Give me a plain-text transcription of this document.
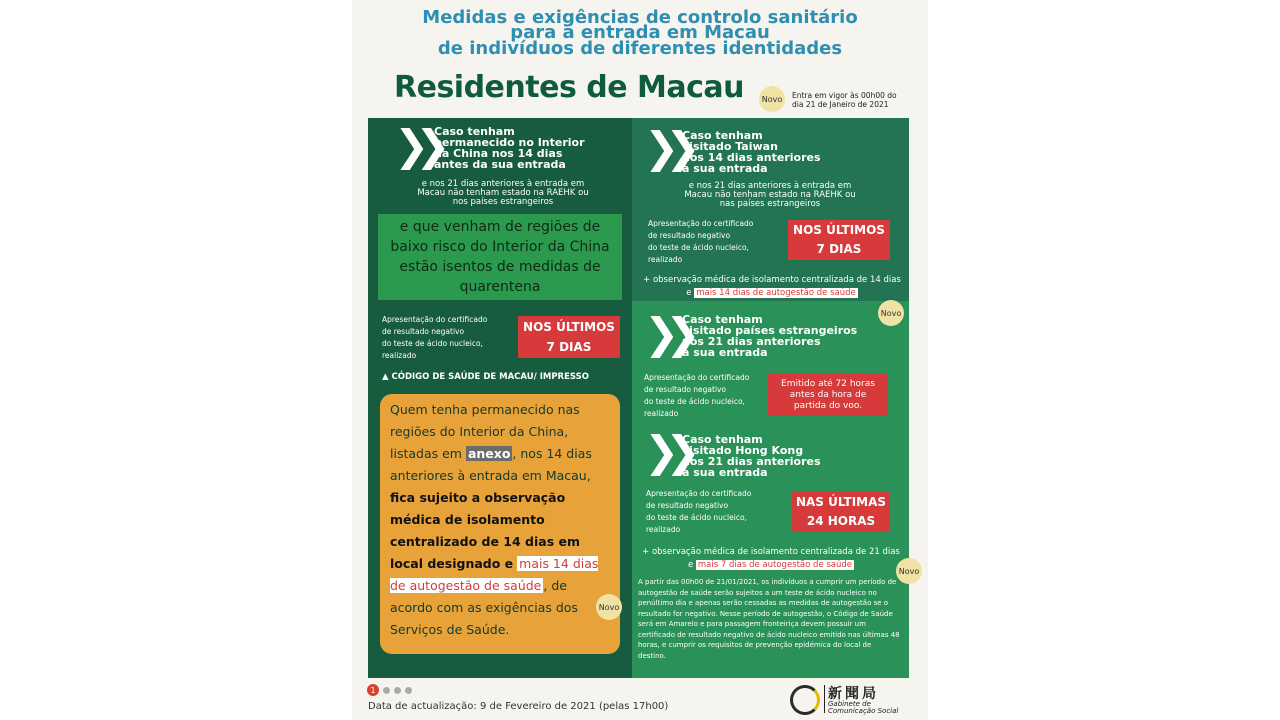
Medidas e exigências de controlo sanitário
para a entrada em Macau
de indivíduos de diferentes identidades
Residentes de Macau	Novo	Entra em vigor às 00h00 do dia 21 de Janeiro de 2021
❯❯
Caso tenham
permanecido no Interior
da China nos 14 dias
antes da sua entrada
e nos 21 dias anteriores à entrada em
Macau não tenham estado na RAEHK ou
nos países estrangeiros
e que venham de regiões de baixo risco do Interior da China estão isentos de medidas de quarentena
Apresentação do certificado
de resultado negativo
do teste de ácido nucleico,
realizado
NOS ÚLTIMOS
7 DIAS
▲ CÓDIGO DE SAÚDE DE MACAU/ IMPRESSO
Quem tenha permanecido nas regiões do Interior da China, listadas em anexo , nos 14 dias anteriores à entrada em Macau, fica sujeito a observação médica de isolamento centralizado de 14 dias em local designado e mais 14 dias de autogestão de saúde , de acordo com as exigências dos Serviços de Saúde.
Novo
❯❯
Caso tenham
visitado Taiwan
nos 14 dias anteriores
à sua entrada
e nos 21 dias anteriores à entrada em
Macau não tenham estado na RAEHK ou
nas países estrangeiros
Apresentação do certificado
de resultado negativo
do teste de ácido nucleico,
realizado
NOS ÚLTIMOS
7 DIAS
+ observação médica de isolamento centralizada de 14 dias e mais 14 dias de autogestão de saúde
Novo
❯❯
Caso tenham
visitado países estrangeiros
nos 21 dias anteriores
à sua entrada
Apresentação do certificado
de resultado negativo
do teste de ácido nucleico,
realizado
Emitido até 72 horas
antes da hora de
partida do voo.
❯❯
Caso tenham
visitado Hong Kong
nos 21 dias anteriores
à sua entrada
Apresentação do certificado
de resultado negativo
do teste de ácido nucleico,
realizado
NAS ÚLTIMAS
24 HORAS
+ observação médica de isolamento centralizada de 21 dias e mais 7 dias de autogestão de saúde
Novo
A partir das 00h00 de 21/01/2021, os indivíduos a cumprir um período de autogestão de saúde serão sujeitos a um teste de ácido nucleico no penúltimo dia e apenas serão cessadas as medidas de autogestão se o resultado for negativo. Nesse período de autogestão, o Código de Saúde será em Amarelo e para passagem fronteiriça devem possuir um certificado de resultado negativo de ácido nucleico emitido nas últimas 48 horas, e cumprir os requisitos de prevenção epidémica do local de destino.
1
Data de actualização: 9 de Fevereiro de 2021 (pelas 17h00)
新聞局
Gabinete de
Comunicação Social
